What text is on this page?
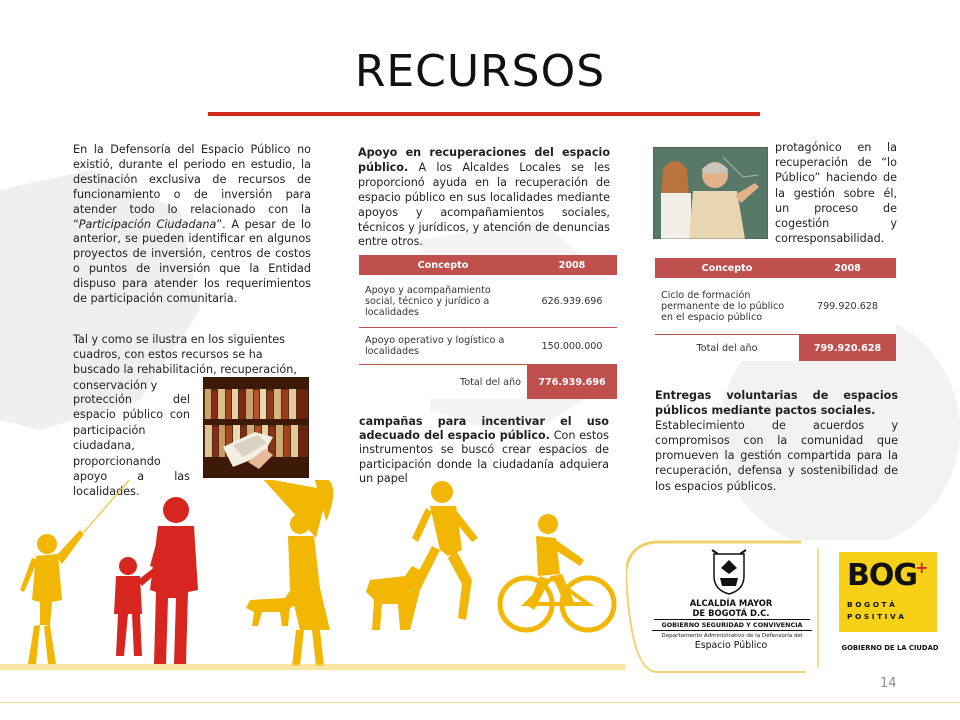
RECURSOS
En la Defensoría del Espacio Público no existió, durante el periodo en estudio, la destinación exclusiva de recursos de funcionamiento o de inversión para atender todo lo relacionado con la “Participación Ciudadana”. A pesar de lo anterior, se pueden identificar en algunos proyectos de inversión, centros de costos o puntos de inversión que la Entidad dispuso para atender los requerimientos de participación comunitaria.
Tal y como se ilustra en los siguientes
cuadros, con estos recursos se ha
buscado la rehabilitación, recuperación,
conservación y
protección del espacio público con participación ciudadana, proporcionando apoyo a las localidades.
Apoyo en recuperaciones del espacio público. A los Alcaldes Locales se les proporcionó ayuda en la recuperación de espacio público en sus localidades mediante apoyos y acompañamientos sociales, técnicos y jurídicos, y atención de denuncias entre otros.
Concepto	2008
Apoyo y acompañamiento social, técnico y jurídico a localidades	626.939.696
Apoyo operativo y logístico a localidades	150.000.000
Total del año	776.939.696
campañas para incentivar el uso adecuado del espacio público. Con estos instrumentos se buscó crear espacios de participación donde la ciudadanía adquiera un papel
protagónico en la recuperación de “lo Público” haciendo de la gestión sobre él, un proceso de cogestión y corresponsabilidad.
Concepto	2008
Ciclo de formación permanente de lo público en el espacio público	799.920.628
Total del año	799.920.628
Entregas voluntarias de espacios públicos mediante pactos sociales.
Establecimiento de acuerdos y compromisos con la comunidad que promueven la gestión compartida para la recuperación, defensa y sostenibilidad de los espacios públicos.
ALCALDÍA MAYOR
DE BOGOTÁ D.C.
GOBIERNO SEGURIDAD Y CONVIVENCIA
Departamento Administrativo de la Defensoría del
Espacio Público
BOG
+
B O G O T Á
P O S I T I V A
GOBIERNO DE LA CIUDAD
14
